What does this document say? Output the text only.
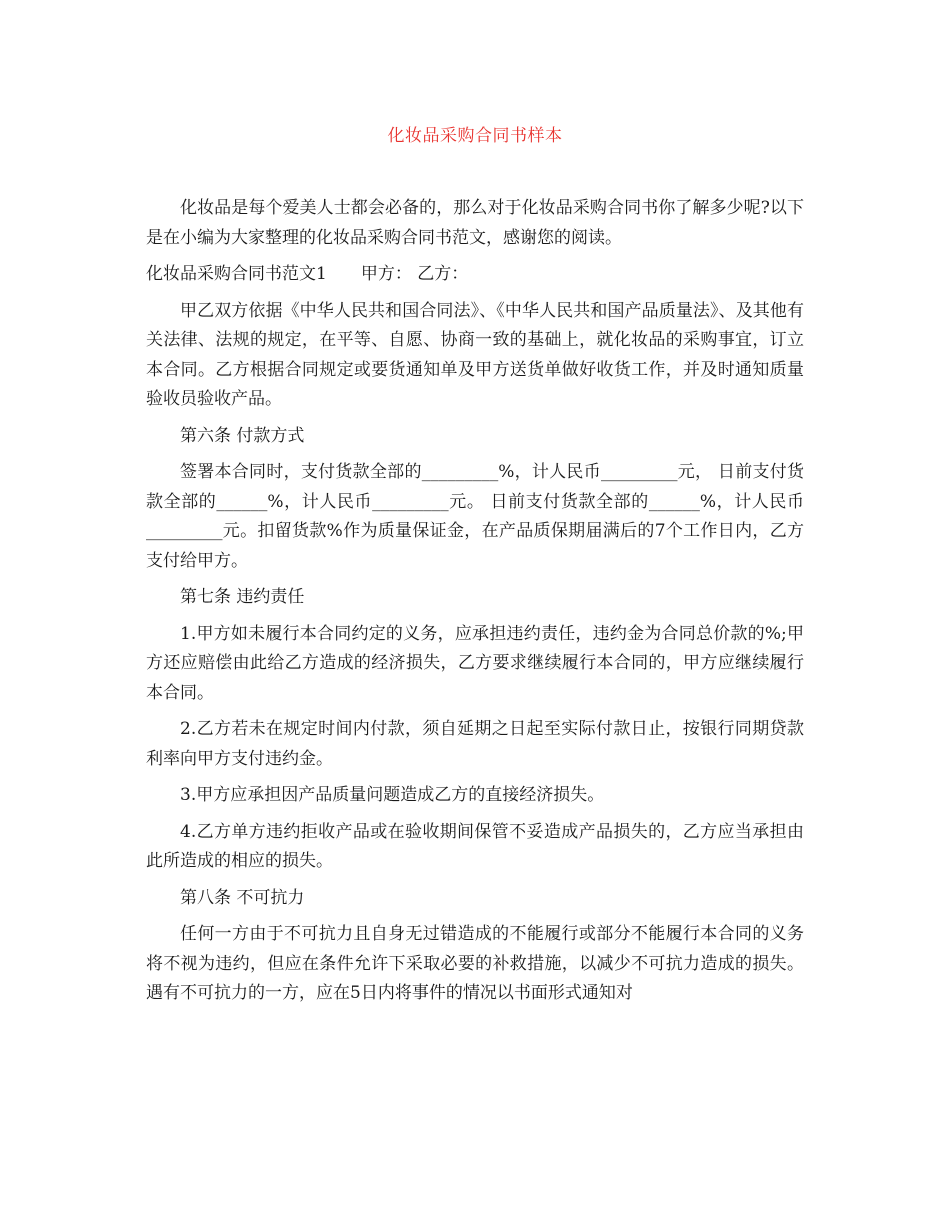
化妆品采购合同书样本

化妆品是每个爱美人士都会必备的，那么对于化妆品采购合同书你了解多少呢?以下是在小编为大家整理的化妆品采购合同书范文，感谢您的阅读。

化妆品采购合同书范文1 甲方： 乙方：

甲乙双方依据《中华人民共和国合同法》、《中华人民共和国产品质量法》、及其他有关法律、法规的规定，在平等、自愿、协商一致的基础上，就化妆品的采购事宜，订立本合同。乙方根据合同规定或要货通知单及甲方送货单做好收货工作，并及时通知质量验收员验收产品。

第六条 付款方式

签署本合同时，支付货款全部的_________%，计人民币_________元， 日前支付货款全部的______%，计人民币_________元。 日前支付货款全部的______%，计人民币_________元。扣留货款%作为质量保证金，在产品质保期届满后的7个工作日内，乙方支付给甲方。

第七条 违约责任

1.甲方如未履行本合同约定的义务，应承担违约责任，违约金为合同总价款的%;甲方还应赔偿由此给乙方造成的经济损失，乙方要求继续履行本合同的，甲方应继续履行本合同。

2.乙方若未在规定时间内付款，须自延期之日起至实际付款日止，按银行同期贷款利率向甲方支付违约金。

3.甲方应承担因产品质量问题造成乙方的直接经济损失。

4.乙方单方违约拒收产品或在验收期间保管不妥造成产品损失的，乙方应当承担由此所造成的相应的损失。

第八条 不可抗力

任何一方由于不可抗力且自身无过错造成的不能履行或部分不能履行本合同的义务将不视为违约，但应在条件允许下采取必要的补救措施，以减少不可抗力造成的损失。遇有不可抗力的一方，应在5日内将事件的情况以书面形式通知对
